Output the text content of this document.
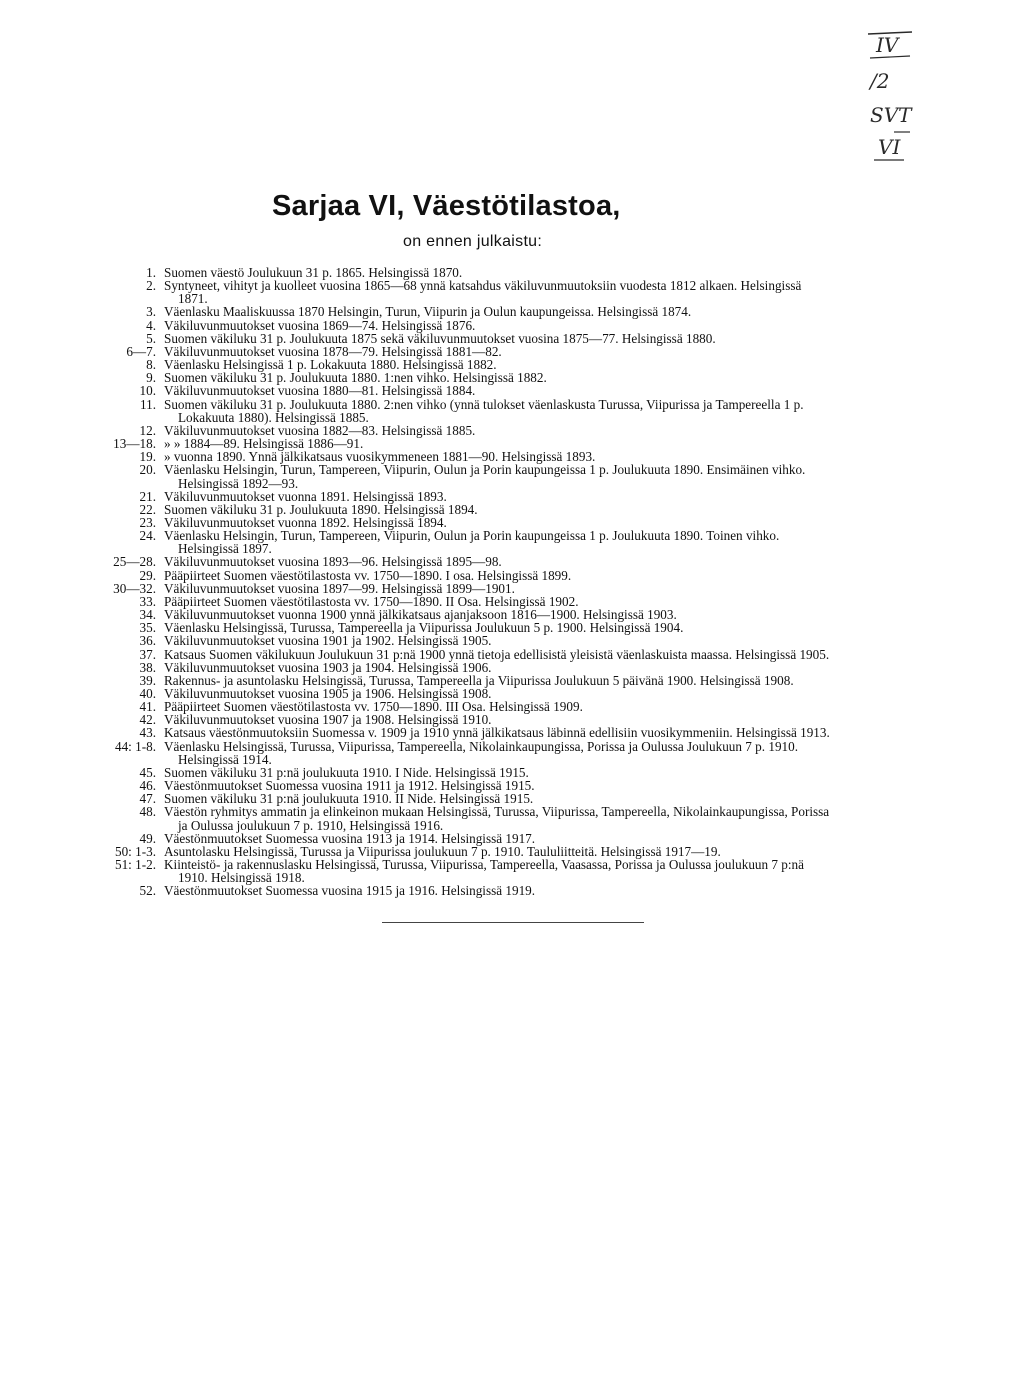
IV
/2
SVT
VI
Sarjaa VI, Väestötilastoa,
on ennen julkaistu:
1. Suomen väestö Joulukuun 31 p. 1865. Helsingissä 1870.
2. Syntyneet, vihityt ja kuolleet vuosina 1865—68 ynnä katsahdus väkiluvunmuutoksiin vuodesta 1812 alkaen. Helsingissä 1871.
3. Väenlasku Maaliskuussa 1870 Helsingin, Turun, Viipurin ja Oulun kaupungeissa. Helsingissä 1874.
4. Väkiluvunmuutokset vuosina 1869—74. Helsingissä 1876.
5. Suomen väkiluku 31 p. Joulukuuta 1875 sekä väkiluvunmuutokset vuosina 1875—77. Helsingissä 1880.
6—7. Väkiluvunmuutokset vuosina 1878—79. Helsingissä 1881—82.
8. Väenlasku Helsingissä 1 p. Lokakuuta 1880. Helsingissä 1882.
9. Suomen väkiluku 31 p. Joulukuuta 1880. 1:nen vihko. Helsingissä 1882.
10. Väkiluvunmuutokset vuosina 1880—81. Helsingissä 1884.
11. Suomen väkiluku 31 p. Joulukuuta 1880. 2:nen vihko (ynnä tulokset väenlaskusta Turussa, Viipurissa ja Tampereella 1 p. Lokakuuta 1880). Helsingissä 1885.
12. Väkiluvunmuutokset vuosina 1882—83. Helsingissä 1885.
13—18. » » 1884—89. Helsingissä 1886—91.
19. » vuonna 1890. Ynnä jälkikatsaus vuosikymmeneen 1881—90. Helsingissä 1893.
20. Väenlasku Helsingin, Turun, Tampereen, Viipurin, Oulun ja Porin kaupungeissa 1 p. Joulukuuta 1890. Ensimäinen vihko. Helsingissä 1892—93.
21. Väkiluvunmuutokset vuonna 1891. Helsingissä 1893.
22. Suomen väkiluku 31 p. Joulukuuta 1890. Helsingissä 1894.
23. Väkiluvunmuutokset vuonna 1892. Helsingissä 1894.
24. Väenlasku Helsingin, Turun, Tampereen, Viipurin, Oulun ja Porin kaupungeissa 1 p. Joulukuuta 1890. Toinen vihko. Helsingissä 1897.
25—28. Väkiluvunmuutokset vuosina 1893—96. Helsingissä 1895—98.
29. Pääpiirteet Suomen väestötilastosta vv. 1750—1890. I osa. Helsingissä 1899.
30—32. Väkiluvunmuutokset vuosina 1897—99. Helsingissä 1899—1901.
33. Pääpiirteet Suomen väestötilastosta vv. 1750—1890. II Osa. Helsingissä 1902.
34. Väkiluvunmuutokset vuonna 1900 ynnä jälkikatsaus ajanjaksoon 1816—1900. Helsingissä 1903.
35. Väenlasku Helsingissä, Turussa, Tampereella ja Viipurissa Joulukuun 5 p. 1900. Helsingissä 1904.
36. Väkiluvunmuutokset vuosina 1901 ja 1902. Helsingissä 1905.
37. Katsaus Suomen väkilukuun Joulukuun 31 p:nä 1900 ynnä tietoja edellisistä yleisistä väenlaskuista maassa. Helsingissä 1905.
38. Väkiluvunmuutokset vuosina 1903 ja 1904. Helsingissä 1906.
39. Rakennus- ja asuntolasku Helsingissä, Turussa, Tampereella ja Viipurissa Joulukuun 5 päivänä 1900. Helsingissä 1908.
40. Väkiluvunmuutokset vuosina 1905 ja 1906. Helsingissä 1908.
41. Pääpiirteet Suomen väestötilastosta vv. 1750—1890. III Osa. Helsingissä 1909.
42. Väkiluvunmuutokset vuosina 1907 ja 1908. Helsingissä 1910.
43. Katsaus väestönmuutoksiin Suomessa v. 1909 ja 1910 ynnä jälkikatsaus läbinnä edellisiin vuosikymmeniin. Helsingissä 1913.
44: 1-8. Väenlasku Helsingissä, Turussa, Viipurissa, Tampereella, Nikolainkaupungissa, Porissa ja Oulussa Joulukuun 7 p. 1910. Helsingissä 1914.
45. Suomen väkiluku 31 p:nä joulukuuta 1910. I Nide. Helsingissä 1915.
46. Väestönmuutokset Suomessa vuosina 1911 ja 1912. Helsingissä 1915.
47. Suomen väkiluku 31 p:nä joulukuuta 1910. II Nide. Helsingissä 1915.
48. Väestön ryhmitys ammatin ja elinkeinon mukaan Helsingissä, Turussa, Viipurissa, Tampereella, Nikolainkaupungissa, Porissa ja Oulussa joulukuun 7 p. 1910, Helsingissä 1916.
49. Väestönmuutokset Suomessa vuosina 1913 ja 1914. Helsingissä 1917.
50: 1-3. Asuntolasku Helsingissä, Turussa ja Viipurissa joulukuun 7 p. 1910. Taululiitteitä. Helsingissä 1917—19.
51: 1-2. Kiinteistö- ja rakennuslasku Helsingissä, Turussa, Viipurissa, Tampereella, Vaasassa, Porissa ja Oulussa joulukuun 7 p:nä 1910. Helsingissä 1918.
52. Väestönmuutokset Suomessa vuosina 1915 ja 1916. Helsingissä 1919.
